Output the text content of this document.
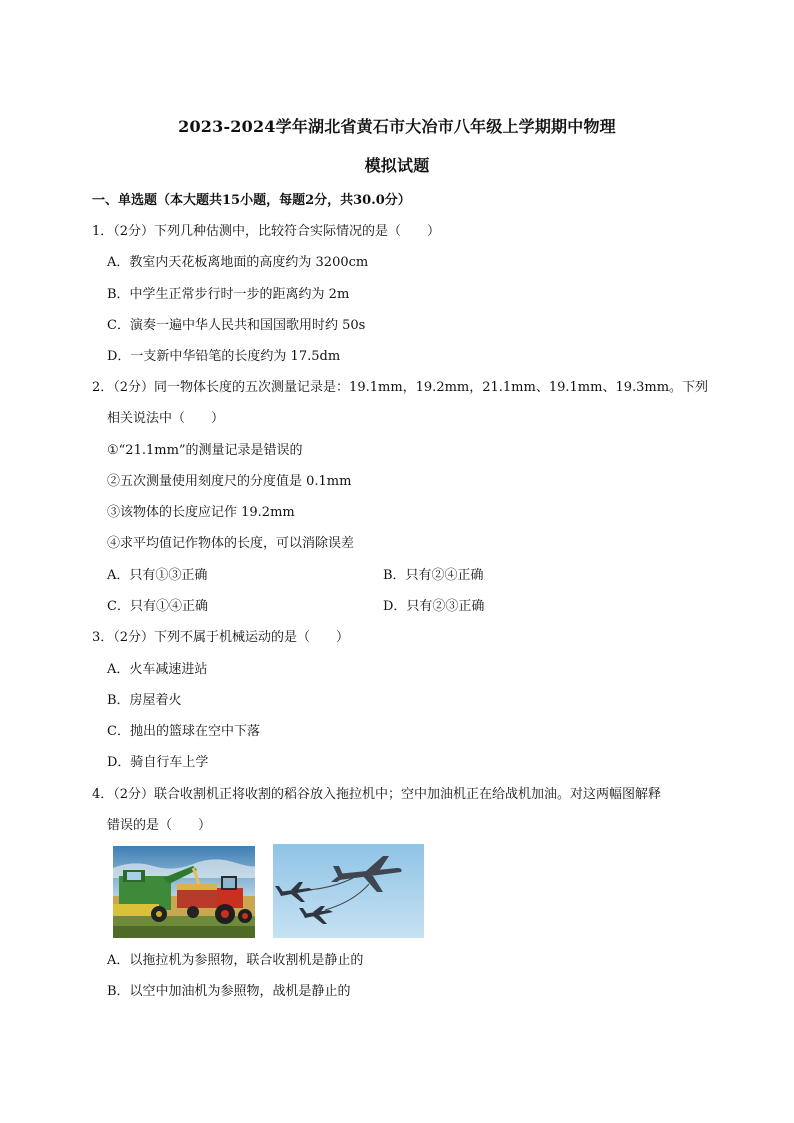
2023-2024学年湖北省黄石市大冶市八年级上学期期中物理
模拟试题
一、单选题（本大题共15小题，每题2分，共30.0分）
1．（2分）下列几种估测中，比较符合实际情况的是（　　）
A．教室内天花板离地面的高度约为 3200cm
B．中学生正常步行时一步的距离约为 2m
C．演奏一遍中华人民共和国国歌用时约 50s
D．一支新中华铅笔的长度约为 17.5dm
2．（2分）同一物体长度的五次测量记录是：19.1mm，19.2mm，21.1mm、19.1mm、19.3mm。下列
相关说法中（　　）
①“21.1mm”的测量记录是错误的
②五次测量使用刻度尺的分度值是 0.1mm
③该物体的长度应记作 19.2mm
④求平均值记作物体的长度，可以消除误差
A．只有①③正确	B．只有②④正确
C．只有①④正确	D．只有②③正确
3．（2分）下列不属于机械运动的是（　　）
A．火车减速进站
B．房屋着火
C．抛出的篮球在空中下落
D．骑自行车上学
4．（2分）联合收割机正将收割的稻谷放入拖拉机中；空中加油机正在给战机加油。对这两幅图解释
错误的是（　　）
A．以拖拉机为参照物，联合收割机是静止的
B．以空中加油机为参照物，战机是静止的
